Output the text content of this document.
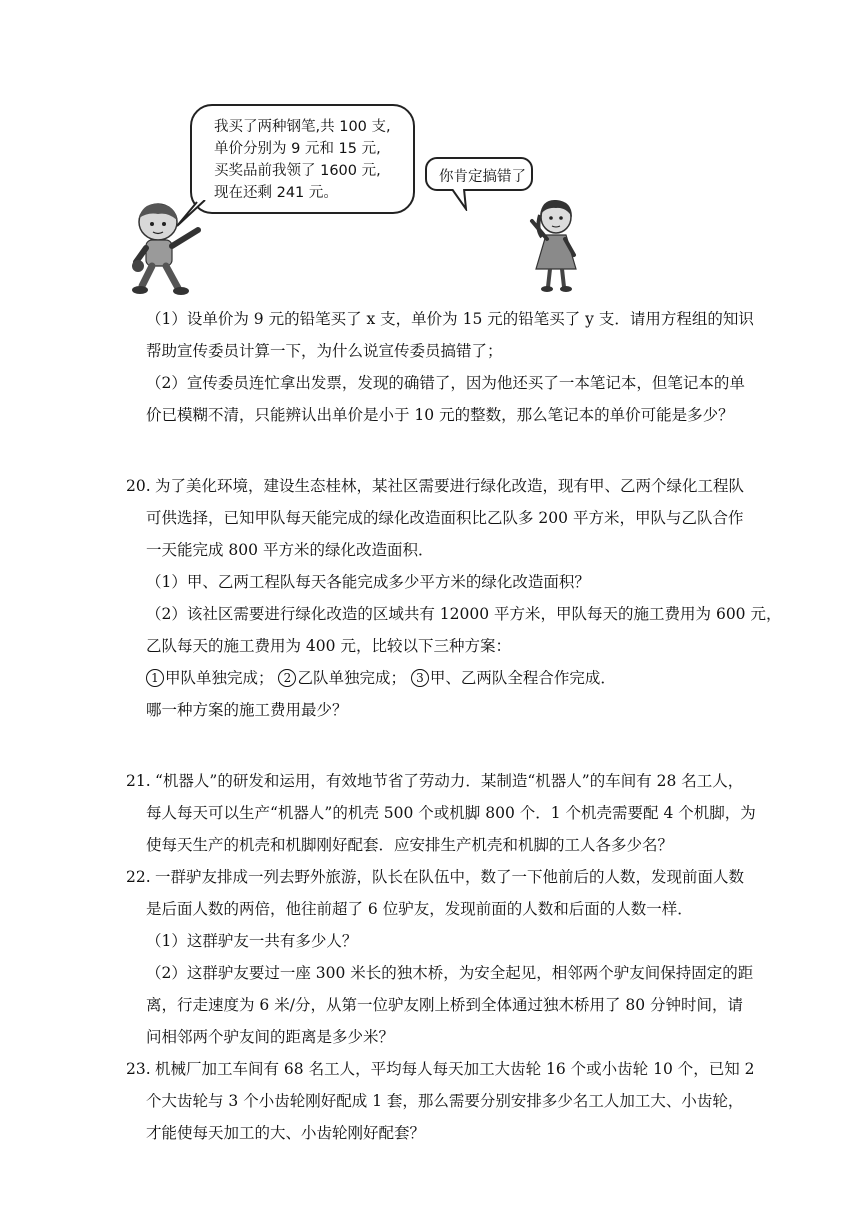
我买了两种钢笔,共 100 支,
单价分别为 9 元和 15 元,
买奖品前我领了 1600 元,
现在还剩 241 元。
你肯定搞错了
（1）设单价为 9 元的铅笔买了 x 支，单价为 15 元的铅笔买了 y 支．请用方程组的知识
帮助宣传委员计算一下，为什么说宣传委员搞错了；
（2）宣传委员连忙拿出发票，发现的确错了，因为他还买了一本笔记本，但笔记本的单
价已模糊不清，只能辨认出单价是小于 10 元的整数，那么笔记本的单价可能是多少？
20. 为了美化环境，建设生态桂林，某社区需要进行绿化改造，现有甲、乙两个绿化工程队
可供选择，已知甲队每天能完成的绿化改造面积比乙队多 200 平方米，甲队与乙队合作
一天能完成 800 平方米的绿化改造面积．
（1）甲、乙两工程队每天各能完成多少平方米的绿化改造面积？
（2）该社区需要进行绿化改造的区域共有 12000 平方米，甲队每天的施工费用为 600 元，
乙队每天的施工费用为 400 元，比较以下三种方案：
1 甲队单独完成； 2 乙队单独完成； 3 甲、乙两队全程合作完成．
哪一种方案的施工费用最少？
21. “机器人”的研发和运用，有效地节省了劳动力．某制造“机器人”的车间有 28 名工人，
每人每天可以生产“机器人”的机壳 500 个或机脚 800 个．1 个机壳需要配 4 个机脚，为
使每天生产的机壳和机脚刚好配套．应安排生产机壳和机脚的工人各多少名？
22. 一群驴友排成一列去野外旅游，队长在队伍中，数了一下他前后的人数，发现前面人数
是后面人数的两倍，他往前超了 6 位驴友，发现前面的人数和后面的人数一样．
（1）这群驴友一共有多少人？
（2）这群驴友要过一座 300 米长的独木桥，为安全起见，相邻两个驴友间保持固定的距
离，行走速度为 6 米/分，从第一位驴友刚上桥到全体通过独木桥用了 80 分钟时间，请
问相邻两个驴友间的距离是多少米？
23. 机械厂加工车间有 68 名工人，平均每人每天加工大齿轮 16 个或小齿轮 10 个，已知 2
个大齿轮与 3 个小齿轮刚好配成 1 套，那么需要分别安排多少名工人加工大、小齿轮，
才能使每天加工的大、小齿轮刚好配套？
